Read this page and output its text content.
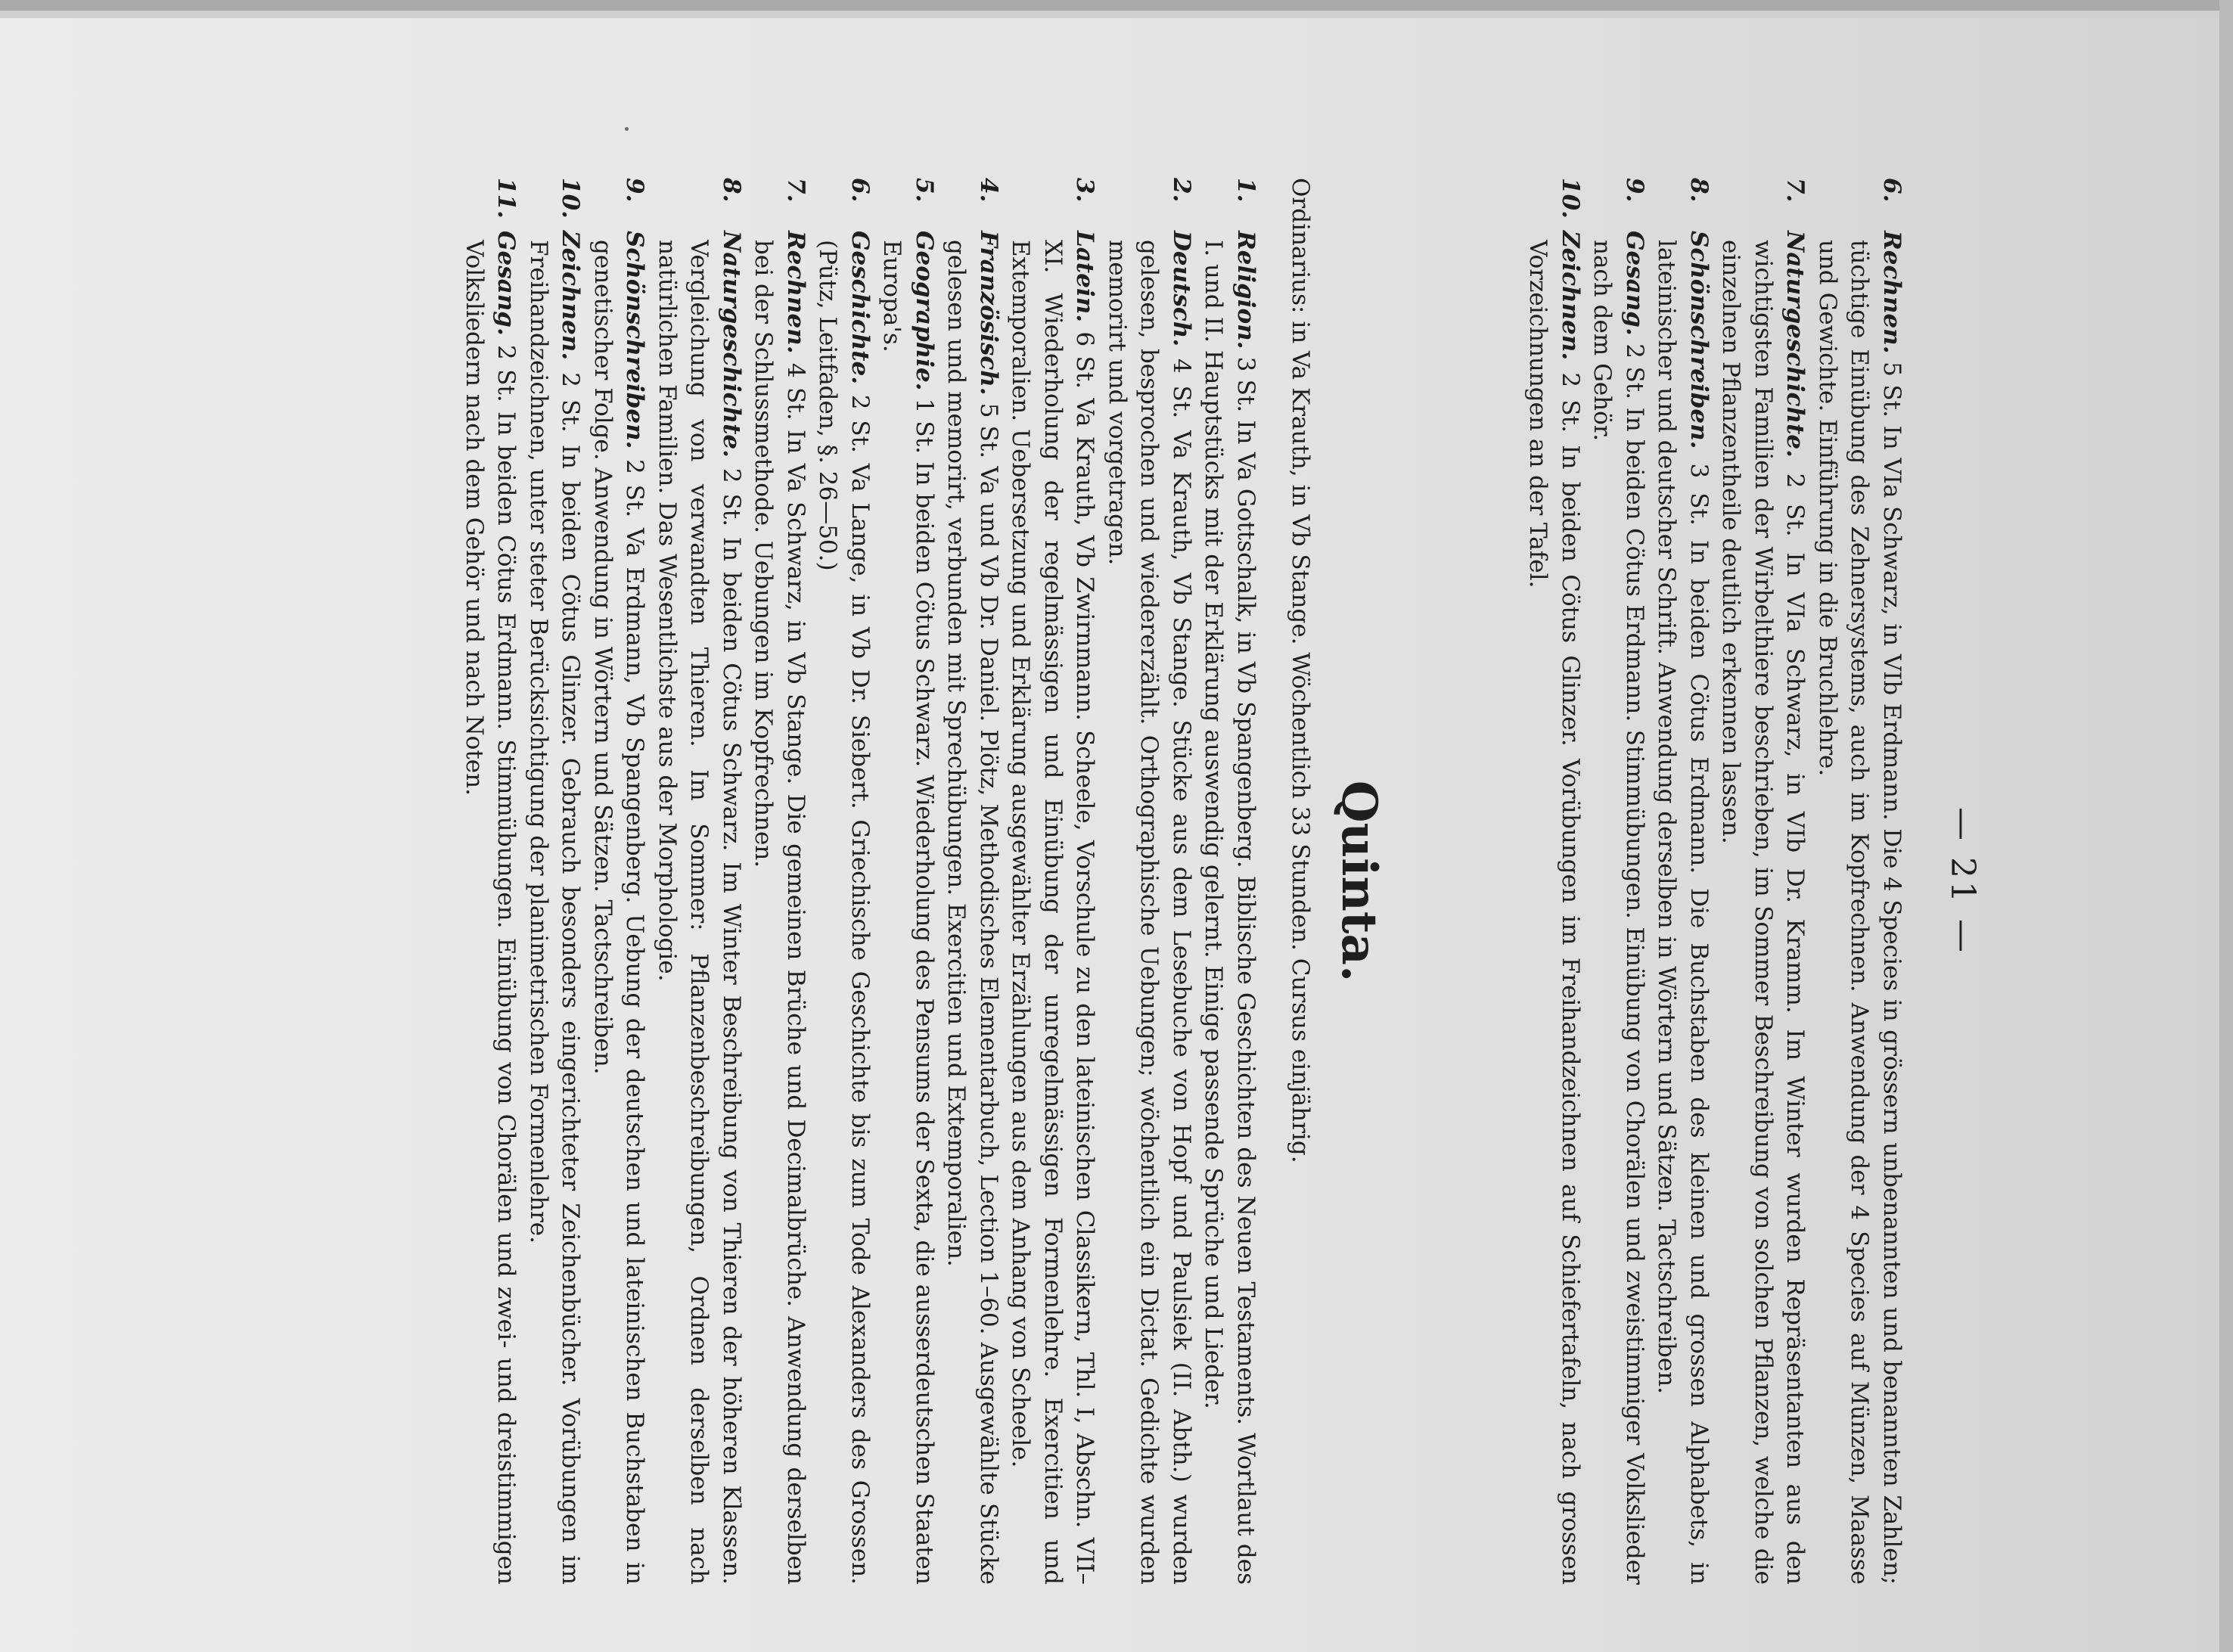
— 21 —
6.Rechnen. 5 St. In VIa Schwarz, in VIb Erdmann. Die 4 Species in grössern unbenannten und benannten Zahlen; tüchtige Einübung des Zehnersystems, auch im Kopfrechnen. Anwendung der 4 Species auf Münzen, Maasse und Gewichte. Einführung in die Bruchlehre.
7.Naturgeschichte. 2 St. In VIa Schwarz, in VIb Dr. Kramm. Im Winter wurden Repräsentanten aus den wichtigsten Familien der Wirbelthiere beschrieben, im Sommer Beschreibung von solchen Pflanzen, welche die einzelnen Pflanzentheile deutlich erkennen lassen.
8.Schönschreiben. 3 St. In beiden Cötus Erdmann. Die Buchstaben des kleinen und grossen Alphabets, in lateinischer und deutscher Schrift. Anwendung derselben in Wörtern und Sätzen. Tactschreiben.
9.Gesang. 2 St. In beiden Cötus Erdmann. Stimmübungen. Einübung von Chorälen und zweistimmiger Volkslieder nach dem Gehör.
10.Zeichnen. 2 St. In beiden Cötus Glinzer. Vorübungen im Freihandzeichnen auf Schiefertafeln, nach grossen Vorzeichnungen an der Tafel.
Quinta.
Ordinarius: in Va Krauth, in Vb Stange. Wöchentlich 33 Stunden. Cursus einjährig.
1.Religion. 3 St. In Va Gottschalk, in Vb Spangenberg. Biblische Geschichten des Neuen Testaments. Wortlaut des I. und II. Hauptstücks mit der Erklärung auswendig gelernt. Einige passende Sprüche und Lieder.
2.Deutsch. 4 St. Va Krauth, Vb Stange. Stücke aus dem Lesebuche von Hopf und Paulsiek (II. Abth.) wurden gelesen, besprochen und wiedererzählt. Orthographische Uebungen; wöchentlich ein Dictat. Gedichte wurden memorirt und vorgetragen.
3.Latein. 6 St. Va Krauth, Vb Zwirnmann. Scheele, Vorschule zu den lateinischen Classikern, Thl. I, Abschn. VII–XI. Wiederholung der regelmässigen und Einübung der unregelmässigen Formenlehre. Exercitien und Extemporalien. Uebersetzung und Erklärung ausgewählter Erzählungen aus dem Anhang von Scheele.
4.Französisch. 5 St. Va und Vb Dr. Daniel. Plötz, Methodisches Elementarbuch, Lection 1–60. Ausgewählte Stücke gelesen und memorirt, verbunden mit Sprechübungen. Exercitien und Extemporalien.
5.Geographie. 1 St. In beiden Cötus Schwarz. Wiederholung des Pensums der Sexta, die ausserdeutschen Staaten Europa's.
6.Geschichte. 2 St. Va Lange, in Vb Dr. Siebert. Griechische Geschichte bis zum Tode Alexanders des Grossen. (Pütz, Leitfaden, §. 26—50.)
7.Rechnen. 4 St. In Va Schwarz, in Vb Stange. Die gemeinen Brüche und Decimalbrüche. Anwendung derselben bei der Schlussmethode. Uebungen im Kopfrechnen.
8.Naturgeschichte. 2 St. In beiden Cötus Schwarz. Im Winter Beschreibung von Thieren der höheren Klassen. Vergleichung von verwandten Thieren. Im Sommer: Pflanzenbeschreibungen, Ordnen derselben nach natürlichen Familien. Das Wesentlichste aus der Morphologie.
9.Schönschreiben. 2 St. Va Erdmann, Vb Spangenberg. Uebung der deutschen und lateinischen Buchstaben in genetischer Folge. Anwendung in Wörtern und Sätzen. Tactschreiben.
10.Zeichnen. 2 St. In beiden Cötus Glinzer. Gebrauch besonders eingerichteter Zeichenbücher. Vorübungen im Freihandzeichnen, unter steter Berücksichtigung der planimetrischen Formenlehre.
11.Gesang. 2 St. In beiden Cötus Erdmann. Stimmübungen. Einübung von Chorälen und zwei- und dreistimmigen Volksliedern nach dem Gehör und nach Noten.
